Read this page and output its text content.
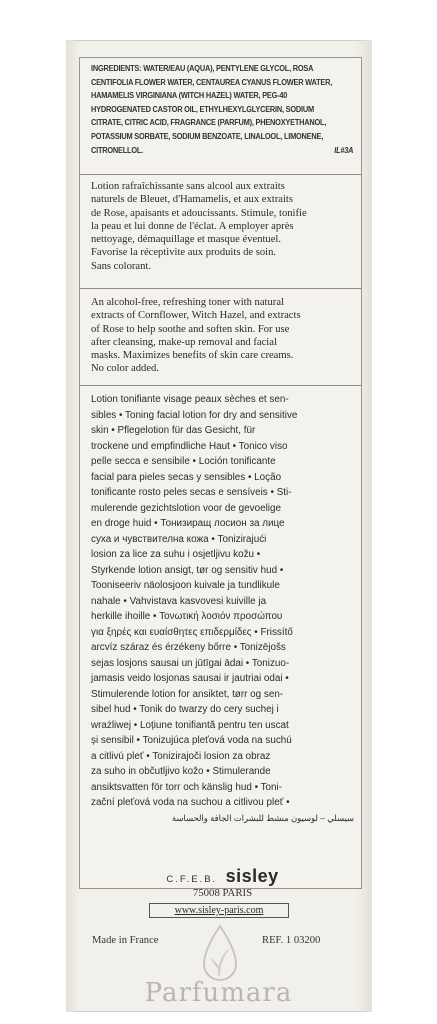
INGREDIENTS: WATER/EAU (AQUA), PENTYLENE GLYCOL, ROSA
CENTIFOLIA FLOWER WATER, CENTAUREA CYANUS FLOWER WATER,
HAMAMELIS VIRGINIANA (WITCH HAZEL) WATER, PEG-40
HYDROGENATED CASTOR OIL, ETHYLHEXYLGLYCERIN, SODIUM
CITRATE, CITRIC ACID, FRAGRANCE (PARFUM), PHENOXYETHANOL,
POTASSIUM SORBATE, SODIUM BENZOATE, LINALOOL, LIMONENE,
CITRONELLOL.	IL#3A
Lotion rafraîchissante sans alcool aux extraits
naturels de Bleuet, d'Hamamelis, et aux extraits
de Rose, apaisants et adoucissants. Stimule, tonifie
la peau et lui donne de l'éclat. A employer après
nettoyage, démaquillage et masque éventuel.
Favorise la réceptivite aux produits de soin.
Sans colorant.
An alcohol-free, refreshing toner with natural
extracts of Cornflower, Witch Hazel, and extracts
of Rose to help soothe and soften skin. For use
after cleansing, make-up removal and facial
masks. Maximizes benefits of skin care creams.
No color added.
Lotion tonifiante visage peaux sèches et sen-
sibles • Toning facial lotion for dry and sensitive
skin • Pflegelotion für das Gesicht, für
trockene und empfindliche Haut • Tonico viso
pelle secca e sensibile • Loción tonificante
facial para pieles secas y sensibles • Loção
tonificante rosto peles secas e sensíveis • Sti-
mulerende gezichtslotion voor de gevoelige
en droge huid • Тонизиращ лосион за лице
суха и чувствителна кожа • Tonizirajući
losion za lice za suhu i osjetljivu kožu •
Styrkende lotion ansigt, tør og sensitiv hud •
Tooniseeriv näolosjoon kuivale ja tundlikule
nahale • Vahvistava kasvovesi kuiville ja
herkille ihoille • Τονωτική λοσιόν προσώπου
για ξηρές και ευαίσθητες επιδερμίδες • Frissítő
arcvíz száraz és érzékeny bőrre • Tonizējošs
sejas losjons sausai un jūtīgai ādai • Tonizuo-
jamasis veido losjonas sausai ir jautriai odai •
Stimulerende lotion for ansiktet, tørr og sen-
sibel hud • Tonik do twarzy do cery suchej i
wrażliwej • Loțiune tonifiantă pentru ten uscat
și sensibil • Tonizujúca pleťová voda na suchú
a citlivú pleť • Tonizirajoči losion za obraz
za suho in občutljivo kožo • Stimulerande
ansiktsvatten för torr och känslig hud • Toni-
zační pleťová voda na suchou a citlivou pleť •
سيسلي – لوسيون منشط للبشرات الجافة والحساسة
C.F.E.B. sisley
75008 PARIS
www.sisley-paris.com
Made in France	REF. 1 03200
Parfumara
